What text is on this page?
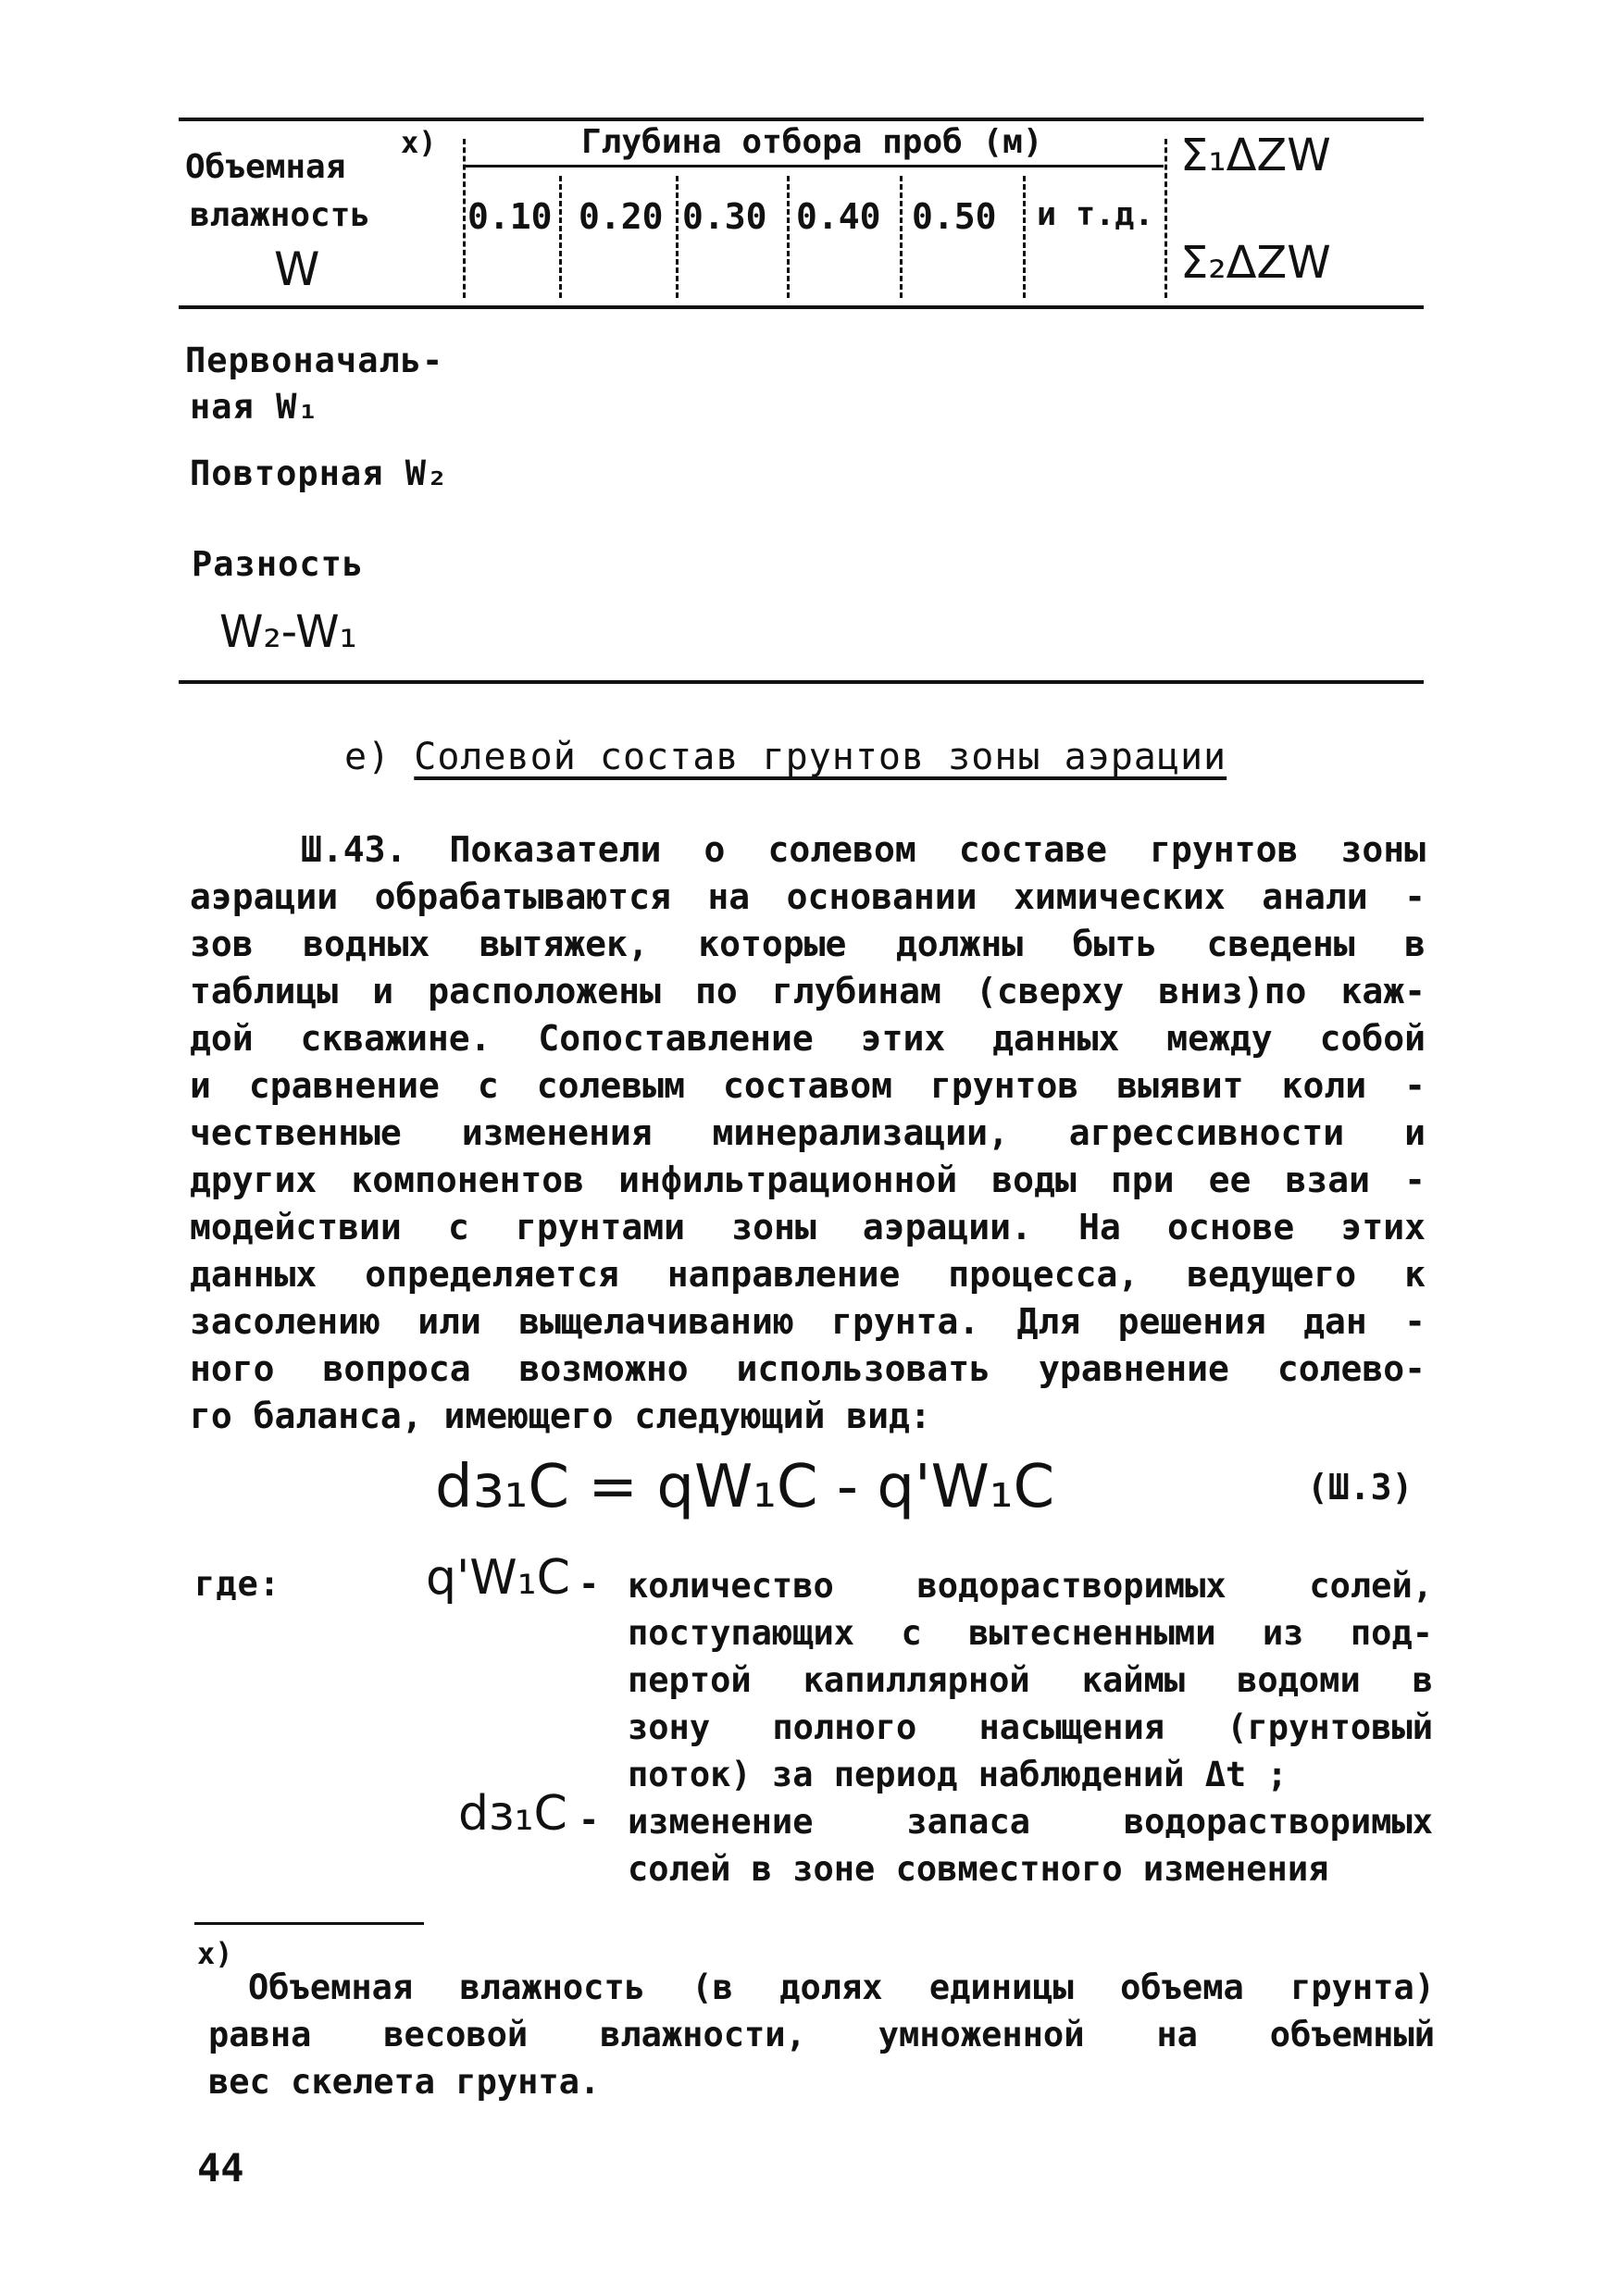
Объемная
х)
влажность
W
Глубина отбора проб (м)
0.10 0.20 0.30 0.40 0.50 и т.д.
Σ₁ΔZW
Σ₂ΔZW
Первоначаль-
ная W₁
Повторная W₂
Разность
W₂-W₁
е) Солевой состав грунтов зоны аэрации
Ш.43. Показатели о солевом составе грунтов зоны
аэрации обрабатываются на основании химических анали -
зов водных вытяжек, которые должны быть сведены в
таблицы и расположены по глубинам (сверху вниз)по каж-
дой скважине. Сопоставление этих данных между собой
и сравнение с солевым составом грунтов выявит коли -
чественные изменения минерализации, агрессивности и
других компонентов инфильтрационной воды при ее взаи -
модействии с грунтами зоны аэрации. На основе этих
данных определяется направление процесса, ведущего к
засолению или выщелачиванию грунта. Для решения дан -
ного вопроса возможно использовать уравнение солево-
го баланса, имеющего следующий вид:
dз₁C = qW₁C - q'W₁C	(Ш.3)
где:	q'W₁C - количество водорастворимых солей,
поступающих с вытесненными из под-
пертой капиллярной каймы водоми в
зону полного насыщения (грунтовый
поток) за период наблюдений Δt ;
dз₁C - изменение запаса водорастворимых
солей в зоне совместного изменения
х)
Объемная влажность (в долях единицы объема грунта)
равна весовой влажности, умноженной на объемный
вес скелета грунта.
44
